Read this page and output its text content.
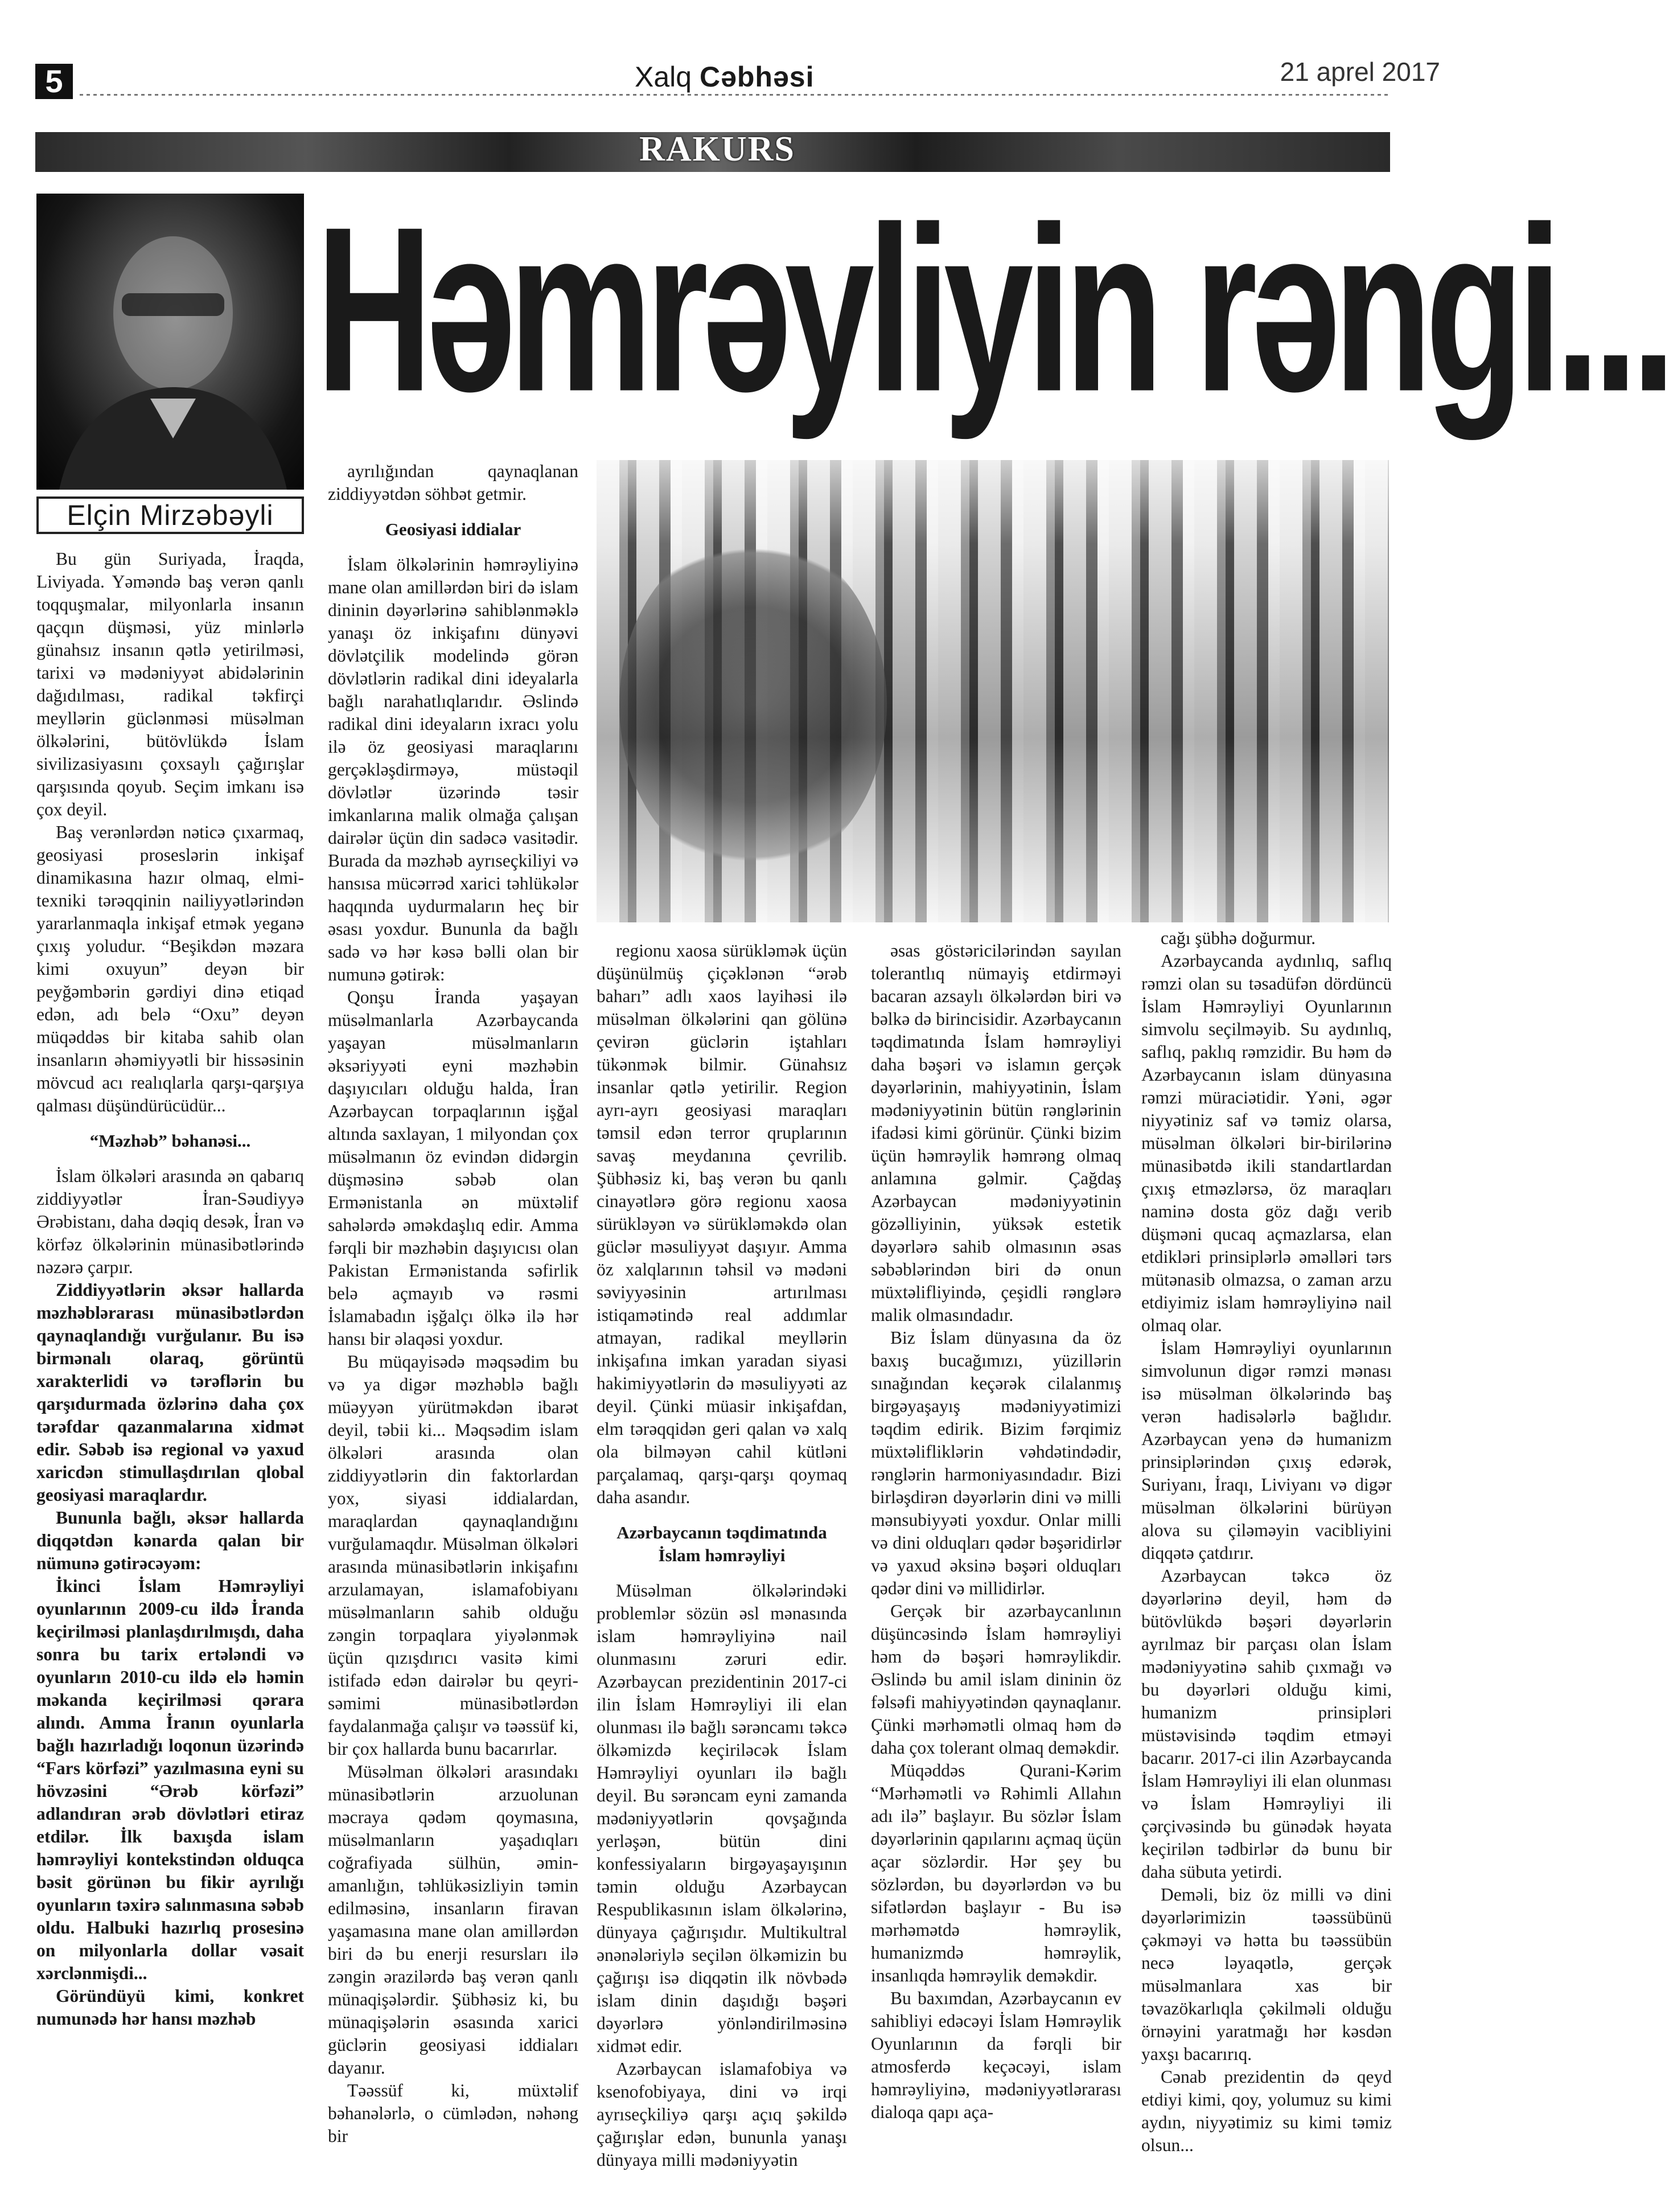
5	Xalq Cəbhəsi	21 aprel 2017
RAKURS
Elçin Mirzəbəyli
Həmrəyliyin rəngi...

Bu gün Suriyada, İraqda, Liviyada. Yəməndə baş verən qanlı toqquşmalar, milyonlarla insanın qaçqın düşməsi, yüz minlərlə günahsız insanın qətlə yetirilməsi, tarixi və mədəniyyət abidələrinin dağıdılması, radikal təkfirçi meyllərin güclənməsi müsəlman ölkələrini, bütövlükdə İslam sivilizasiyasını çoxsaylı çağırışlar qarşısında qoyub. Seçim imkanı isə çox deyil.

Baş verənlərdən nəticə çıxarmaq, geosiyasi proseslərin inkişaf dinamikasına hazır olmaq, elmi-texniki tərəqqinin nailiyyətlərindən yararlanmaqla inkişaf etmək yeganə çıxış yoludur. “Beşikdən məzara kimi oxuyun” deyən bir peyğəmbərin gərdiyi dinə etiqad edən, adı belə “Oxu” deyən müqəddəs bir kitaba sahib olan insanların əhəmiyyətli bir hissəsinin mövcud acı realıqlarla qarşı-qarşıya qalması düşündürücüdür...

“Məzhəb” bəhanəsi...

İslam ölkələri arasında ən qabarıq ziddiyyətlər İran-Səudiyyə Ərəbistanı, daha dəqiq desək, İran və körfəz ölkələrinin münasibətlərində nəzərə çarpır.

Ziddiyyətlərin əksər hallarda məzhəblərarası münasibətlərdən qaynaqlandığı vurğulanır. Bu isə birmənalı olaraq, görüntü xarakterlidi və tərəflərin bu qarşıdurmada özlərinə daha çox tərəfdar qazanmalarına xidmət edir. Səbəb isə regional və yaxud xaricdən stimullaşdırılan qlobal geosiyasi maraqlardır.

Bununla bağlı, əksər hallarda diqqətdən kənarda qalan bir nümunə gətirəcəyəm:

İkinci İslam Həmrəyliyi oyunlarının 2009-cu ildə İranda keçirilməsi planlaşdırılmışdı, daha sonra bu tarix ertələndi və oyunların 2010-cu ildə elə həmin məkanda keçirilməsi qərara alındı. Amma İranın oyunlarla bağlı hazırladığı loqonun üzərində “Fars körfəzi” yazılmasına eyni su hövzəsini “Ərəb körfəzi” adlandıran ərəb dövlətləri etiraz etdilər. İlk baxışda islam həmrəyliyi kontekstindən olduqca bəsit görünən bu fikir ayrılığı oyunların təxirə salınmasına səbəb oldu. Halbuki hazırlıq prosesinə on milyonlarla dollar vəsait xərclənmişdi...

Göründüyü kimi, konkret numunədə hər hansı məzhəb

ayrılığından qaynaqlanan ziddiyyətdən söhbət getmir.

Geosiyasi iddialar

İslam ölkələrinin həmrəyliyinə mane olan amillərdən biri də islam dininin dəyərlərinə sahiblənməklə yanaşı öz inkişafını dünyəvi dövlətçilik modelində görən dövlətlərin radikal dini ideyalarla bağlı narahatlıqlarıdır. Əslində radikal dini ideyaların ixracı yolu ilə öz geosiyasi maraqlarını gerçəkləşdirməyə, müstəqil dövlətlər üzərində təsir imkanlarına malik olmağa çalışan dairələr üçün din sadəcə vasitədir. Burada da məzhəb ayrıseçkiliyi və hansısa mücərrəd xarici təhlükələr haqqında uydurmaların heç bir əsası yoxdur. Bununla da bağlı sadə və hər kəsə bəlli olan bir numunə gətirək:

Qonşu İranda yaşayan müsəlmanlarla Azərbaycanda yaşayan müsəlmanların əksəriyyəti eyni məzhəbin daşıyıcıları olduğu halda, İran Azərbaycan torpaqlarının işğal altında saxlayan, 1 milyondan çox müsəlmanın öz evindən didərgin düşməsinə səbəb olan Ermənistanla ən müxtəlif sahələrdə əməkdaşlıq edir. Amma fərqli bir məzhəbin daşıyıcısı olan Pakistan Ermənistanda səfirlik belə açmayıb və rəsmi İslamabadın işğalçı ölkə ilə hər hansı bir əlaqəsi yoxdur.

Bu müqayisədə məqsədim bu və ya digər məzhəblə bağlı müəyyən yürütməkdən ibarət deyil, təbii ki... Məqsədim islam ölkələri arasında olan ziddiyyətlərin din faktorlardan yox, siyasi iddialardan, maraqlardan qaynaqlandığını vurğulamaqdır. Müsəlman ölkələri arasında münasibətlərin inkişafını arzulamayan, islamafobiyanı müsəlmanların sahib olduğu zəngin torpaqlara yiyələnmək üçün qızışdırıcı vasitə kimi istifadə edən dairələr bu qeyri-səmimi münasibətlərdən faydalanmağa çalışır və təəssüf ki, bir çox hallarda bunu bacarırlar.

Müsəlman ölkələri arasındakı münasibətlərin arzuolunan məcraya qədəm qoymasına, müsəlmanların yaşadıqları coğrafiyada sülhün, əmin-amanlığın, təhlükəsizliyin təmin edilməsinə, insanların firavan yaşamasına mane olan amillərdən biri də bu enerji resursları ilə zəngin ərazilərdə baş verən qanlı münaqişələrdir. Şübhəsiz ki, bu münaqişələrin əsasında xarici güclərin geosiyasi iddiaları dayanır.

Təəssüf ki, müxtəlif bəhanələrlə, o cümlədən, nəhəng bir

regionu xaosa sürükləmək üçün düşünülmüş çiçəklənən “ərəb baharı” adlı xaos layihəsi ilə müsəlman ölkələrini qan gölünə çevirən güclərin iştahları tükənmək bilmir. Günahsız insanlar qətlə yetirilir. Region ayrı-ayrı geosiyasi maraqları təmsil edən terror qruplarının savaş meydanına çevrilib. Şübhəsiz ki, baş verən bu qanlı cinayətlərə görə regionu xaosa sürükləyən və sürükləməkdə olan güclər məsuliyyət daşıyır. Amma öz xalqlarının təhsil və mədəni səviyyəsinin artırılması istiqamətində real addımlar atmayan, radikal meyllərin inkişafına imkan yaradan siyasi hakimiyyətlərin də məsuliyyəti az deyil. Çünki müasir inkişafdan, elm tərəqqidən geri qalan və xalq ola bilməyən cahil kütləni parçalamaq, qarşı-qarşı qoymaq daha asandır.

Azərbaycanın təqdimatında İslam həmrəyliyi

Müsəlman ölkələrindəki problemlər sözün əsl mənasında islam həmrəyliyinə nail olunmasını zəruri edir. Azərbaycan prezidentinin 2017-ci ilin İslam Həmrəyliyi ili elan olunması ilə bağlı sərəncamı təkcə ölkəmizdə keçiriləcək İslam Həmrəyliyi oyunları ilə bağlı deyil. Bu sərəncam eyni zamanda mədəniyyətlərin qovşağında yerləşən, bütün dini konfessiyaların birgəyaşayışının təmin olduğu Azərbaycan Respublikasının islam ölkələrinə, dünyaya çağırışıdır. Multikultral ənənələriylə seçilən ölkəmizin bu çağırışı isə diqqətin ilk növbədə islam dinin daşıdığı bəşəri dəyərlərə yönləndirilməsinə xidmət edir.

Azərbaycan islamafobiya və ksenofobiyaya, dini və irqi ayrıseçkiliyə qarşı açıq şəkildə çağırışlar edən, bununla yanaşı dünyaya milli mədəniyyətin

əsas göstəricilərindən sayılan tolerantlıq nümayiş etdirməyi bacaran azsaylı ölkələrdən biri və bəlkə də birincisidir. Azərbaycanın təqdimatında İslam həmrəyliyi daha bəşəri və islamın gerçək dəyərlərinin, mahiyyətinin, İslam mədəniyyətinin bütün rənglərinin ifadəsi kimi görünür. Çünki bizim üçün həmrəylik həmrəng olmaq anlamına gəlmir. Çağdaş Azərbaycan mədəniyyətinin gözəlliyinin, yüksək estetik dəyərlərə sahib olmasının əsas səbəblərindən biri də onun müxtəlifliyində, çeşidli rənglərə malik olmasındadır.

Biz İslam dünyasına da öz baxış bucağımızı, yüzillərin sınağından keçərək cilalanmış birgəyaşayış mədəniyyətimizi təqdim edirik. Bizim fərqimiz müxtəlifliklərin vəhdətindədir, rənglərin harmoniyasındadır. Bizi birləşdirən dəyərlərin dini və milli mənsubiyyəti yoxdur. Onlar milli və dini olduqları qədər bəşəridirlər və yaxud əksinə bəşəri olduqları qədər dini və millidirlər.

Gerçək bir azərbaycanlının düşüncəsində İslam həmrəyliyi həm də bəşəri həmrəylikdir. Əslində bu amil islam dininin öz fəlsəfi mahiyyətindən qaynaqlanır. Çünki mərhəmətli olmaq həm də daha çox tolerant olmaq deməkdir.

Müqəddəs Qurani-Kərim “Mərhəmətli və Rəhimli Allahın adı ilə” başlayır. Bu sözlər İslam dəyərlərinin qapılarını açmaq üçün açar sözlərdir. Hər şey bu sözlərdən, bu dəyərlərdən və bu sifətlərdən başlayır - Bu isə mərhəmətdə həmrəylik, humanizmdə həmrəylik, insanlıqda həmrəylik deməkdir.

Bu baxımdan, Azərbaycanın ev sahibliyi edəcəyi İslam Həmrəylik Oyunlarının da fərqli bir atmosferdə keçəcəyi, islam həmrəyliyinə, mədəniyyətlərarası dialoqa qapı aça-

cağı şübhə doğurmur.

Azərbaycanda aydınlıq, saflıq rəmzi olan su təsadüfən dördüncü İslam Həmrəyliyi Oyunlarının simvolu seçilməyib. Su aydınlıq, saflıq, paklıq rəmzidir. Bu həm də Azərbaycanın islam dünyasına rəmzi müraciətidir. Yəni, əgər niyyətiniz saf və təmiz olarsa, müsəlman ölkələri bir-birilərinə münasibətdə ikili standartlardan çıxış etməzlərsə, öz maraqları naminə dosta göz dağı verib düşməni qucaq açmazlarsa, elan etdikləri prinsiplərlə əməlləri tərs mütənasib olmazsa, o zaman arzu etdiyimiz islam həmrəyliyinə nail olmaq olar.

İslam Həmrəyliyi oyunlarının simvolunun digər rəmzi mənası isə müsəlman ölkələrində baş verən hadisələrlə bağlıdır. Azərbaycan yenə də humanizm prinsiplərindən çıxış edərək, Suriyanı, İraqı, Liviyanı və digər müsəlman ölkələrini bürüyən alova su çiləməyin vacibliyini diqqətə çatdırır.

Azərbaycan təkcə öz dəyərlərinə deyil, həm də bütövlükdə bəşəri dəyərlərin ayrılmaz bir parçası olan İslam mədəniyyətinə sahib çıxmağı və bu dəyərləri olduğu kimi, humanizm prinsipləri müstəvisində təqdim etməyi bacarır. 2017-ci ilin Azərbaycanda İslam Həmrəyliyi ili elan olunması və İslam Həmrəyliyi ili çərçivəsində bu günədək həyata keçirilən tədbirlər də bunu bir daha sübuta yetirdi.

Deməli, biz öz milli və dini dəyərlərimizin təəssübünü çəkməyi və hətta bu təəssübün necə ləyaqətlə, gerçək müsəlmanlara xas bir təvazökarlıqla çəkilməli olduğu örnəyini yaratmağı hər kəsdən yaxşı bacarırıq.

Cənab prezidentin də qeyd etdiyi kimi, qoy, yolumuz su kimi aydın, niyyətimiz su kimi təmiz olsun...
